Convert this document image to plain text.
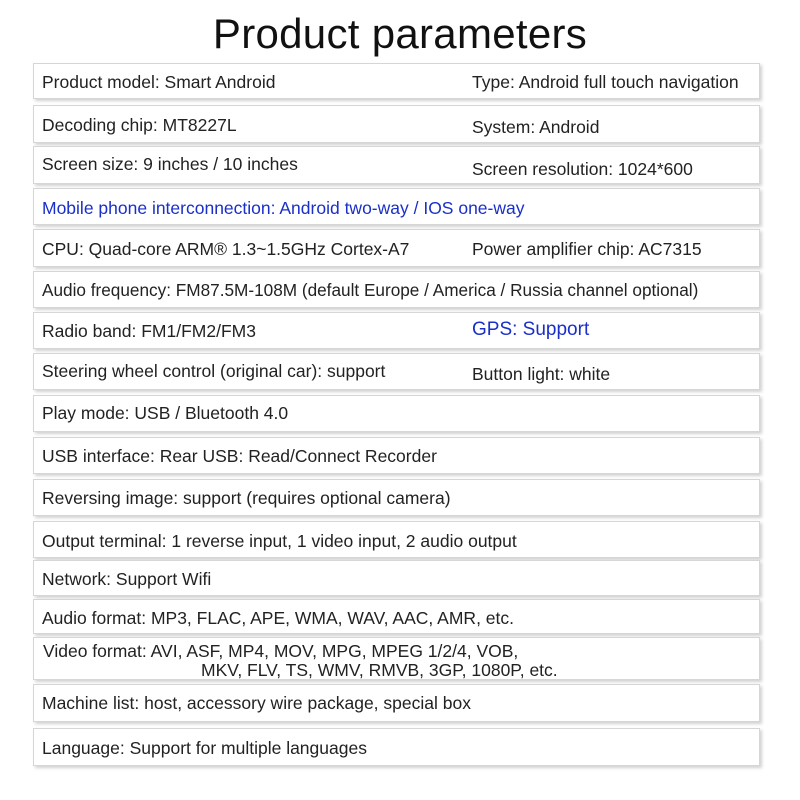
Product parameters
Product model: Smart Android	Type: Android full touch navigation
Decoding chip: MT8227L	System: Android
Screen size: 9 inches / 10 inches	Screen resolution: 1024*600
Mobile phone interconnection: Android two-way / IOS one-way
CPU: Quad-core ARM® 1.3~1.5GHz Cortex-A7	Power amplifier chip: AC7315
Audio frequency: FM87.5M-108M (default Europe / America / Russia channel optional)
Radio band: FM1/FM2/FM3	GPS: Support
Steering wheel control (original car): support	Button light: white
Play mode: USB / Bluetooth 4.0
USB interface: Rear USB: Read/Connect Recorder
Reversing image: support (requires optional camera)
Output terminal: 1 reverse input, 1 video input, 2 audio output
Network: Support Wifi
Audio format: MP3, FLAC, APE, WMA, WAV, AAC, AMR, etc.
Video format: AVI, ASF, MP4, MOV, MPG, MPEG 1/2/4, VOB,
MKV, FLV, TS, WMV, RMVB, 3GP, 1080P, etc.
Machine list: host, accessory wire package, special box
Language: Support for multiple languages
